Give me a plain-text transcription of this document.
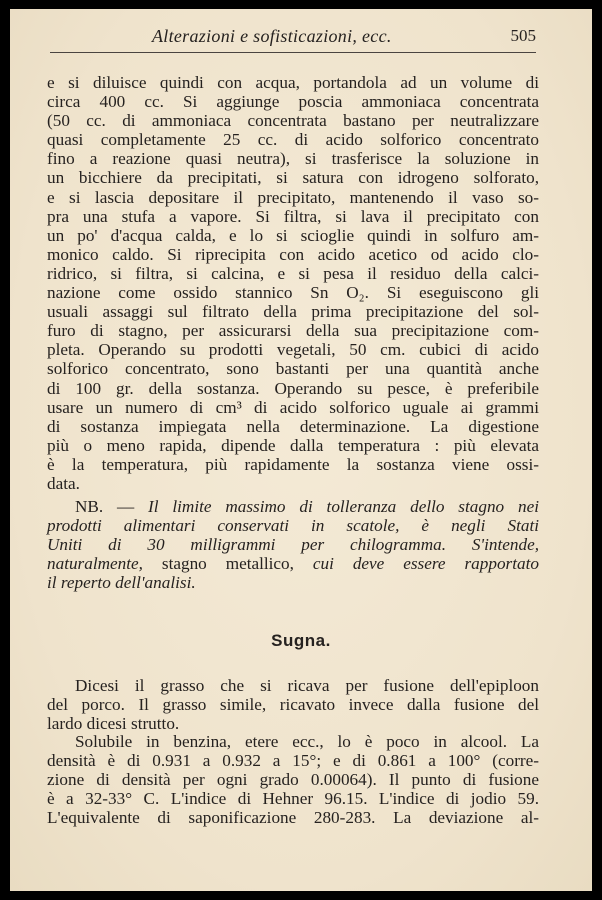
Alterazioni e sofisticazioni, ecc.	505
e si diluisce quindi con acqua, portandola ad un volume di
circa 400 cc. Si aggiunge poscia ammoniaca concentrata
(50 cc. di ammoniaca concentrata bastano per neutralizzare
quasi completamente 25 cc. di acido solforico concentrato
fino a reazione quasi neutra), si trasferisce la soluzione in
un bicchiere da precipitati, si satura con idrogeno solforato,
e si lascia depositare il precipitato, mantenendo il vaso so-
pra una stufa a vapore. Si filtra, si lava il precipitato con
un po' d'acqua calda, e lo si scioglie quindi in solfuro am-
monico caldo. Si riprecipita con acido acetico od acido clo-
ridrico, si filtra, si calcina, e si pesa il residuo della calci-
nazione come ossido stannico Sn O₂. Si eseguiscono gli
usuali assaggi sul filtrato della prima precipitazione del sol-
furo di stagno, per assicurarsi della sua precipitazione com-
pleta. Operando su prodotti vegetali, 50 cm. cubici di acido
solforico concentrato, sono bastanti per una quantità anche
di 100 gr. della sostanza. Operando su pesce, è preferibile
usare un numero di cm³ di acido solforico uguale ai grammi
di sostanza impiegata nella determinazione. La digestione
più o meno rapida, dipende dalla temperatura : più elevata
è la temperatura, più rapidamente la sostanza viene ossi-
data.
NB. — Il limite massimo di tolleranza dello stagno nei
prodotti alimentari conservati in scatole, è negli Stati
Uniti di 30 milligrammi per chilogramma. S'intende,
naturalmente, stagno metallico, cui deve essere rapportato
il reperto dell'analisi.
Sugna.
Dicesi il grasso che si ricava per fusione dell'epiploon
del porco. Il grasso simile, ricavato invece dalla fusione del
lardo dicesi strutto.
Solubile in benzina, etere ecc., lo è poco in alcool. La
densità è di 0.931 a 0.932 a 15°; e di 0.861 a 100° (corre-
zione di densità per ogni grado 0.00064). Il punto di fusione
è a 32-33° C. L'indice di Hehner 96.15. L'indice di jodio 59.
L'equivalente di saponificazione 280-283. La deviazione al-
